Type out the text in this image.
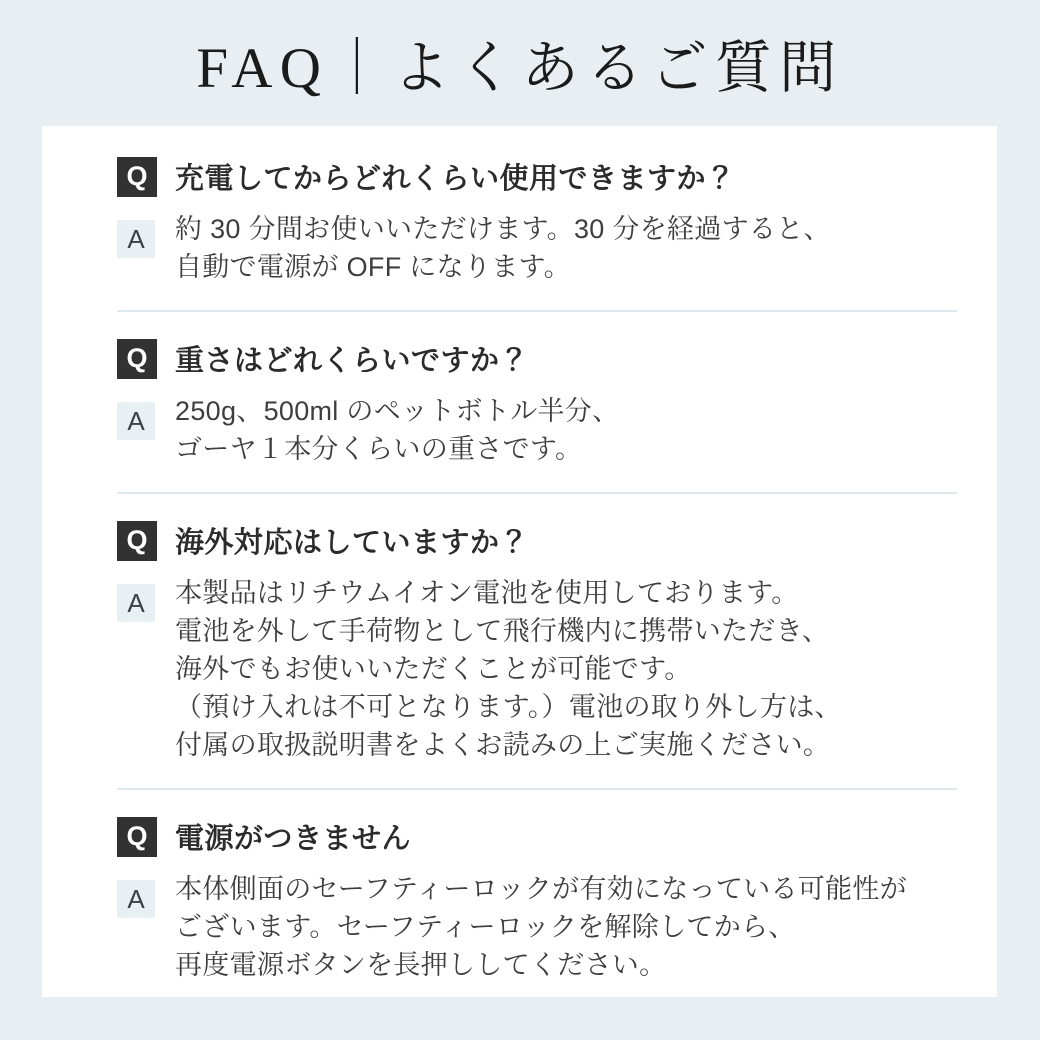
FAQ｜よくあるご質問
Q 充電してからどれくらい使用できますか？
A	約 30 分間お使いいただけます。30 分を経過すると、
自動で電源が OFF になります。
Q 重さはどれくらいですか？
A	250g、500ml のペットボトル半分、
ゴーヤ１本分くらいの重さです。
Q 海外対応はしていますか？
A	本製品はリチウムイオン電池を使用しております。
電池を外して手荷物として飛行機内に携帯いただき、
海外でもお使いいただくことが可能です。
（預け入れは不可となります。）電池の取り外し方は、
付属の取扱説明書をよくお読みの上ご実施ください。
Q 電源がつきません
A	本体側面のセーフティーロックが有効になっている可能性が
ございます。セーフティーロックを解除してから、
再度電源ボタンを長押ししてください。
